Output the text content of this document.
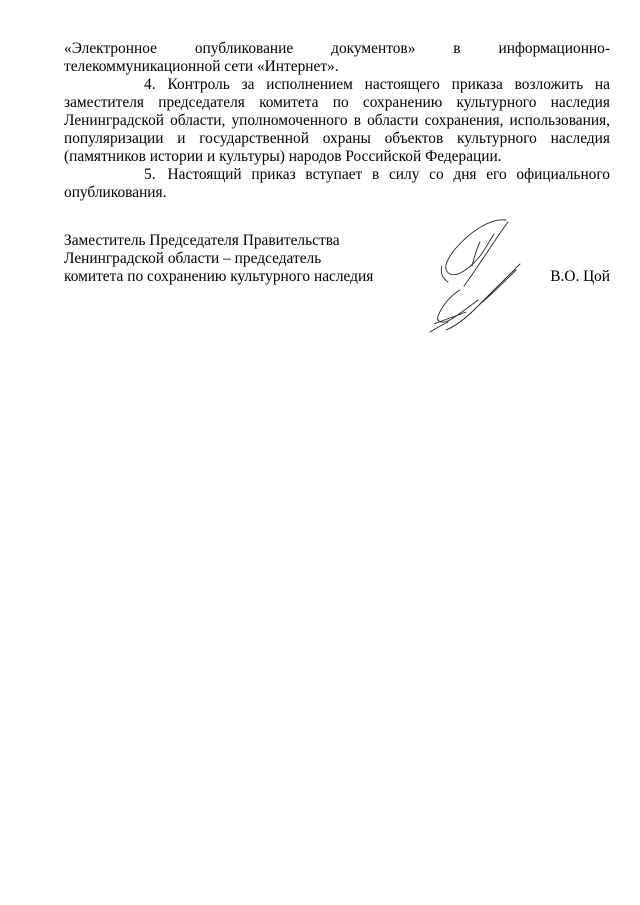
«Электронное опубликование документов» в информационно-телекоммуникационной сети «Интернет».

4. Контроль за исполнением настоящего приказа возложить на заместителя председателя комитета по сохранению культурного наследия Ленинградской области, уполномоченного в области сохранения, использования, популяризации и государственной охраны объектов культурного наследия (памятников истории и культуры) народов Российской Федерации.

5. Настоящий приказ вступает в силу со дня его официального опубликования.

Заместитель Председателя Правительства
Ленинградской области – председатель
комитета по сохранению культурного наследия	В.О. Цой
